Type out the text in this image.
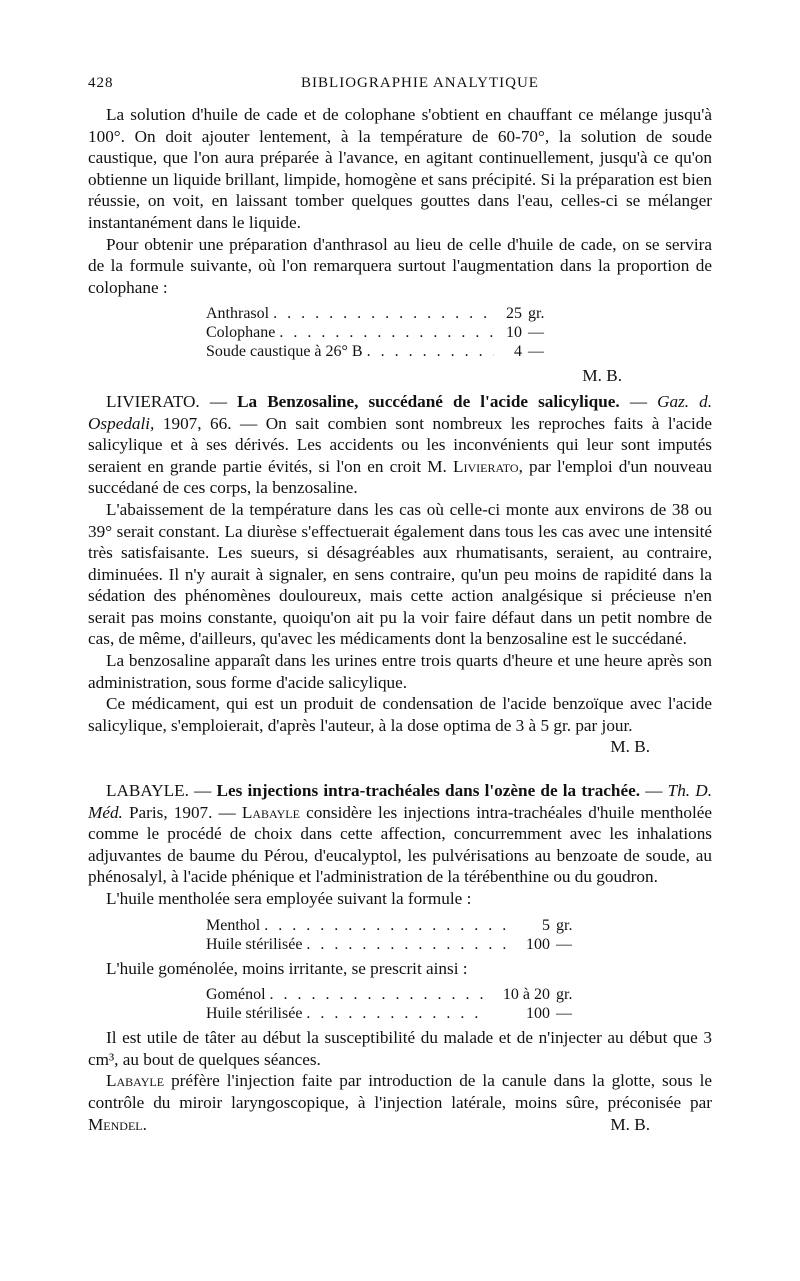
428	BIBLIOGRAPHIE ANALYTIQUE

La solution d'huile de cade et de colophane s'obtient en chauffant ce mélange jusqu'à 100°. On doit ajouter lentement, à la température de 60-70°, la solution de soude caustique, que l'on aura préparée à l'avance, en agitant continuellement, jusqu'à ce qu'on obtienne un liquide brillant, limpide, homogène et sans précipité. Si la préparation est bien réussie, on voit, en laissant tomber quelques gouttes dans l'eau, celles-ci se mélanger instantanément dans le liquide.

Pour obtenir une préparation d'anthrasol au lieu de celle d'huile de cade, on se servira de la formule suivante, où l'on remarquera surtout l'augmentation dans la proportion de colophane :

Anthrasol . . .	25 gr.
Colophane . . .	10 —
Soude caustique à 26° B . . .	4 —
M. B.

LIVIERATO. — La Benzosaline, succédané de l'acide salicylique. — Gaz. d. Ospedali, 1907, 66. — On sait combien sont nombreux les reproches faits à l'acide salicylique et à ses dérivés. Les accidents ou les inconvénients qui leur sont imputés seraient en grande partie évités, si l'on en croit M. Livierato, par l'emploi d'un nouveau succédané de ces corps, la benzosaline.

L'abaissement de la température dans les cas où celle-ci monte aux environs de 38 ou 39° serait constant. La diurèse s'effectuerait également dans tous les cas avec une intensité très satisfaisante. Les sueurs, si désagréables aux rhumatisants, seraient, au contraire, diminuées. Il n'y aurait à signaler, en sens contraire, qu'un peu moins de rapidité dans la sédation des phénomènes douloureux, mais cette action analgésique si précieuse n'en serait pas moins constante, quoiqu'on ait pu la voir faire défaut dans un petit nombre de cas, de même, d'ailleurs, qu'avec les médicaments dont la benzosaline est le succédané.

La benzosaline apparaît dans les urines entre trois quarts d'heure et une heure après son administration, sous forme d'acide salicylique.

Ce médicament, qui est un produit de condensation de l'acide benzoïque avec l'acide salicylique, s'emploierait, d'après l'auteur, à la dose optima de 3 à 5 gr. par jour.
M. B.

LABAYLE. — Les injections intra-trachéales dans l'ozène de la trachée. — Th. D. Méd. Paris, 1907. — Labayle considère les injections intra-trachéales d'huile mentholée comme le procédé de choix dans cette affection, concurremment avec les inhalations adjuvantes de baume du Pérou, d'eucalyptol, les pulvérisations au benzoate de soude, au phénosalyl, à l'acide phénique et l'administration de la térébenthine ou du goudron.

L'huile mentholée sera employée suivant la formule :

Menthol . . .	5 gr.
Huile stérilisée . . .	100 —

L'huile goménolée, moins irritante, se prescrit ainsi :

Goménol . . .	10 à 20 gr.
Huile stérilisée . . .	100 —

Il est utile de tâter au début la susceptibilité du malade et de n'injecter au début que 3 cm³, au bout de quelques séances.

Labayle préfère l'injection faite par introduction de la canule dans la glotte, sous le contrôle du miroir laryngoscopique, à l'injection latérale, moins sûre, préconisée par Mendel.	M. B.
